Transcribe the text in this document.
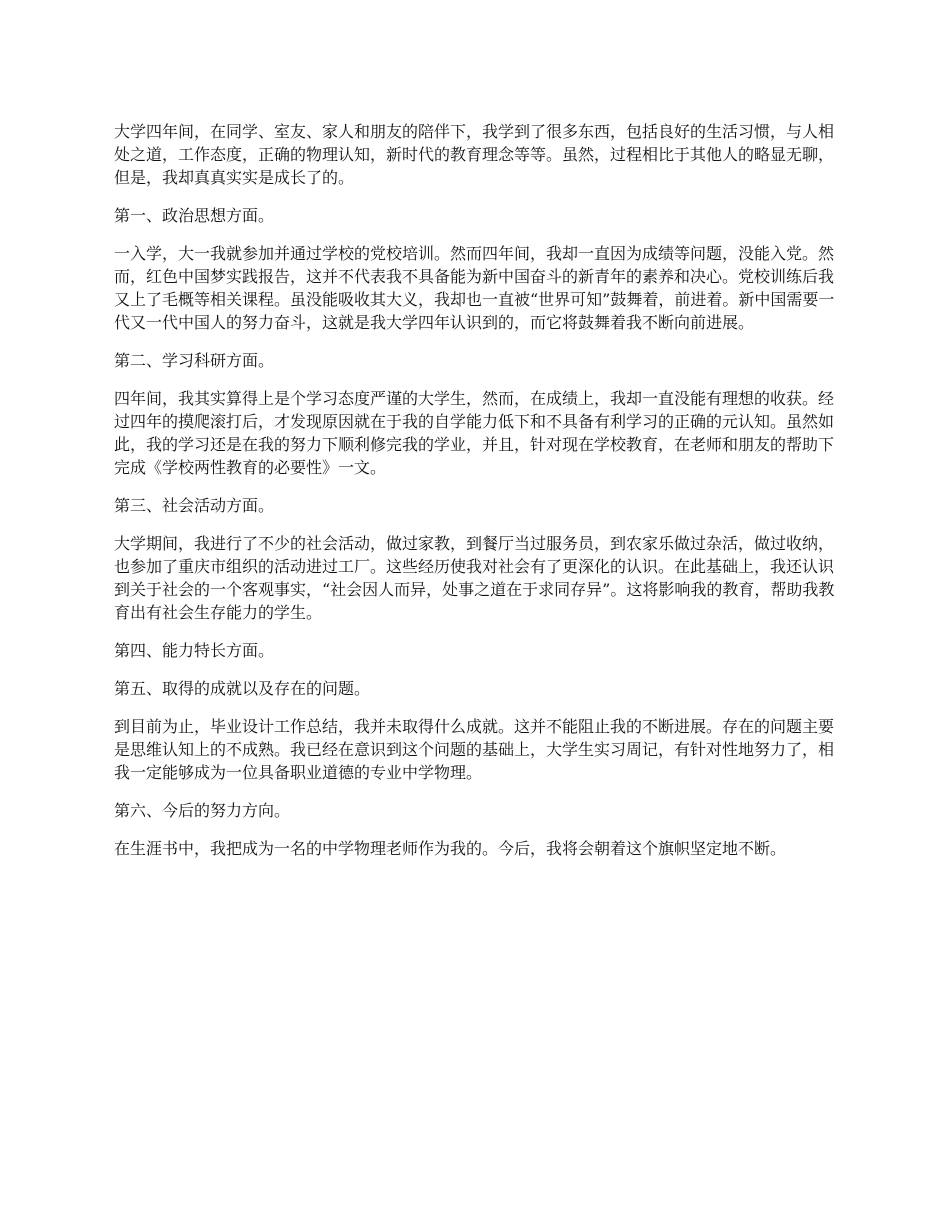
大学四年间，在同学、室友、家人和朋友的陪伴下，我学到了很多东西，包括良好的生活习惯，与人相处之道，工作态度，正确的物理认知，新时代的教育理念等等。虽然，过程相比于其他人的略显无聊，但是，我却真真实实是成长了的。

第一、政治思想方面。

一入学，大一我就参加并通过学校的党校培训。然而四年间，我却一直因为成绩等问题，没能入党。然而，红色中国梦实践报告，这并不代表我不具备能为新中国奋斗的新青年的素养和决心。党校训练后我又上了毛概等相关课程。虽没能吸收其大义，我却也一直被“世界可知”鼓舞着，前进着。新中国需要一代又一代中国人的努力奋斗，这就是我大学四年认识到的，而它将鼓舞着我不断向前进展。

第二、学习科研方面。

四年间，我其实算得上是个学习态度严谨的大学生，然而，在成绩上，我却一直没能有理想的收获。经过四年的摸爬滚打后，才发现原因就在于我的自学能力低下和不具备有利学习的正确的元认知。虽然如此，我的学习还是在我的努力下顺利修完我的学业，并且，针对现在学校教育，在老师和朋友的帮助下完成《学校两性教育的必要性》一文。

第三、社会活动方面。

大学期间，我进行了不少的社会活动，做过家教，到餐厅当过服务员，到农家乐做过杂活，做过收纳，也参加了重庆市组织的活动进过工厂。这些经历使我对社会有了更深化的认识。在此基础上，我还认识到关于社会的一个客观事实，“社会因人而异，处事之道在于求同存异”。这将影响我的教育，帮助我教育出有社会生存能力的学生。

第四、能力特长方面。

第五、取得的成就以及存在的问题。

到目前为止，毕业设计工作总结，我并未取得什么成就。这并不能阻止我的不断进展。存在的问题主要是思维认知上的不成熟。我已经在意识到这个问题的基础上，大学生实习周记，有针对性地努力了，相我一定能够成为一位具备职业道德的专业中学物理。

第六、今后的努力方向。

在生涯书中，我把成为一名的中学物理老师作为我的。今后，我将会朝着这个旗帜坚定地不断。
